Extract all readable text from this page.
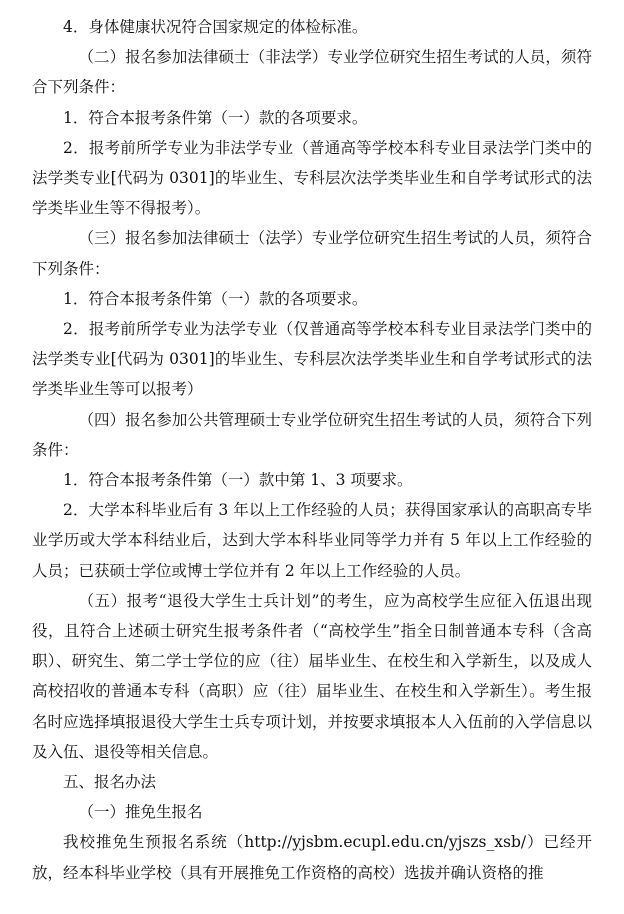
4．身体健康状况符合国家规定的体检标准。

（二）报名参加法律硕士（非法学）专业学位研究生招生考试的人员，须符合下列条件：

1．符合本报考条件第（一）款的各项要求。

2．报考前所学专业为非法学专业（普通高等学校本科专业目录法学门类中的法学类专业[代码为 0301]的毕业生、专科层次法学类毕业生和自学考试形式的法学类毕业生等不得报考）。

（三）报名参加法律硕士（法学）专业学位研究生招生考试的人员，须符合下列条件：

1．符合本报考条件第（一）款的各项要求。

2．报考前所学专业为法学专业（仅普通高等学校本科专业目录法学门类中的法学类专业[代码为 0301]的毕业生、专科层次法学类毕业生和自学考试形式的法学类毕业生等可以报考）

（四）报名参加公共管理硕士专业学位研究生招生考试的人员，须符合下列条件：

1．符合本报考条件第（一）款中第 1、3 项要求。

2．大学本科毕业后有 3 年以上工作经验的人员；获得国家承认的高职高专毕业学历或大学本科结业后，达到大学本科毕业同等学力并有 5 年以上工作经验的人员；已获硕士学位或博士学位并有 2 年以上工作经验的人员。

（五）报考“退役大学生士兵计划”的考生，应为高校学生应征入伍退出现役，且符合上述硕士研究生报考条件者（“高校学生”指全日制普通本专科（含高职）、研究生、第二学士学位的应（往）届毕业生、在校生和入学新生，以及成人高校招收的普通本专科（高职）应（往）届毕业生、在校生和入学新生）。考生报名时应选择填报退役大学生士兵专项计划，并按要求填报本人入伍前的入学信息以及入伍、退役等相关信息。

五、报名办法

（一）推免生报名

我校推免生预报名系统（http://yjsbm.ecupl.edu.cn/yjszs_xsb/）已经开放，经本科毕业学校（具有开展推免工作资格的高校）选拔并确认资格的推
